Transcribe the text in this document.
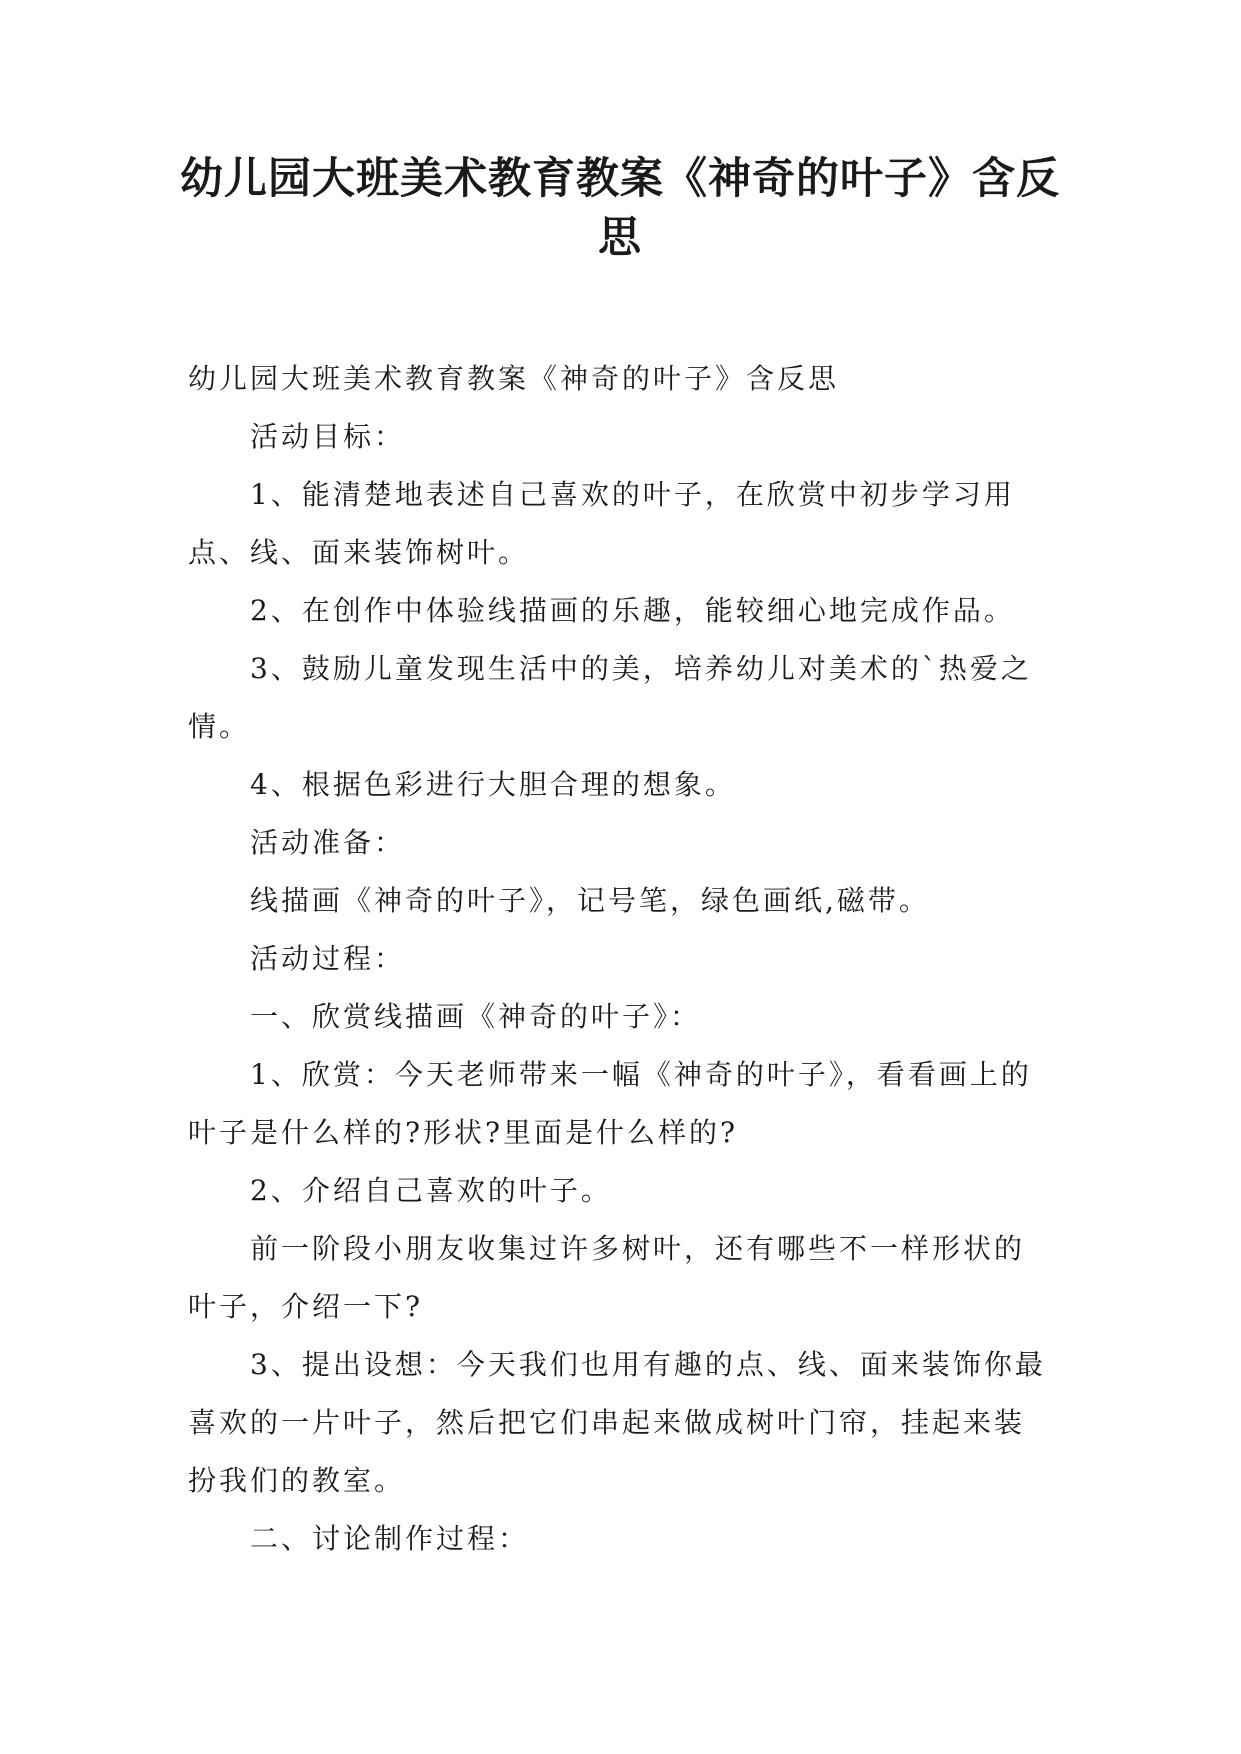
幼儿园大班美术教育教案《神奇的叶子》含反思

幼儿园大班美术教育教案《神奇的叶子》含反思

活动目标：

1、能清楚地表述自己喜欢的叶子，在欣赏中初步学习用点、线、面来装饰树叶。

2、在创作中体验线描画的乐趣，能较细心地完成作品。

3、鼓励儿童发现生活中的美，培养幼儿对美术的`热爱之情。

4、根据色彩进行大胆合理的想象。

活动准备：

线描画《神奇的叶子》，记号笔，绿色画纸,磁带。

活动过程：

一、欣赏线描画《神奇的叶子》：

1、欣赏：今天老师带来一幅《神奇的叶子》，看看画上的叶子是什么样的?形状?里面是什么样的?

2、介绍自己喜欢的叶子。

前一阶段小朋友收集过许多树叶，还有哪些不一样形状的叶子，介绍一下?

3、提出设想：今天我们也用有趣的点、线、面来装饰你最喜欢的一片叶子，然后把它们串起来做成树叶门帘，挂起来装扮我们的教室。

二、讨论制作过程：
